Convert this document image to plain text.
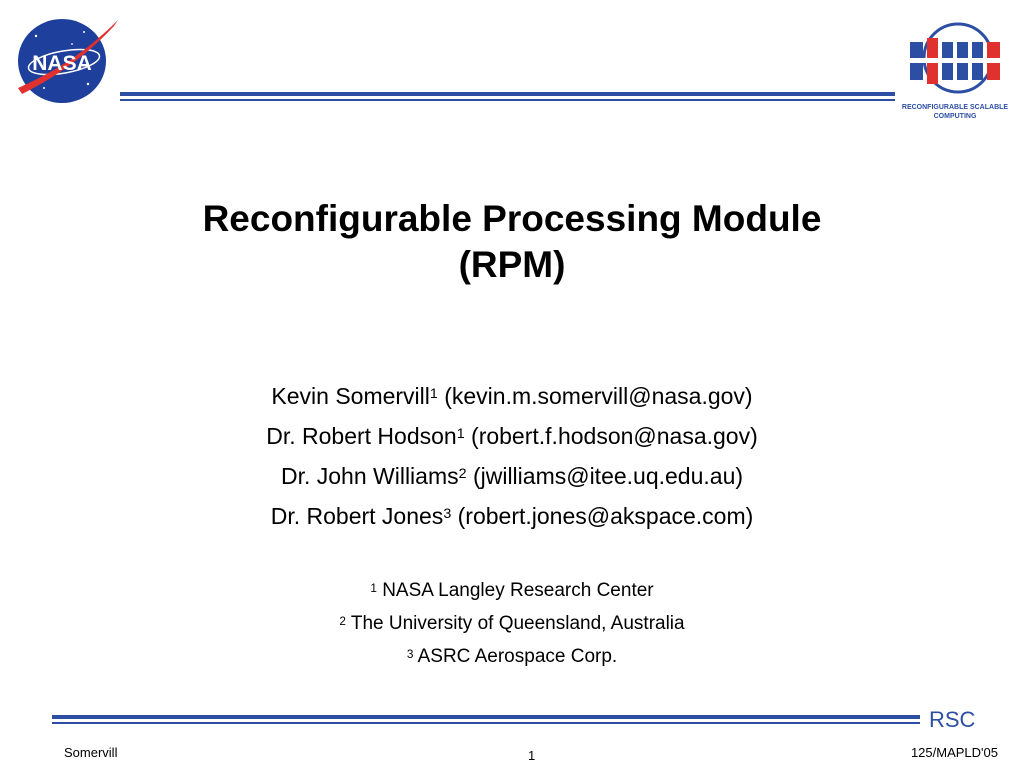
NASA
RECONFIGURABLE SCALABLE
COMPUTING
Reconfigurable Processing Module
(RPM)
Kevin Somervill$^1$ (kevin.m.somervill@nasa.gov)
Dr. Robert Hodson$^1$ (robert.f.hodson@nasa.gov)
Dr. John Williams$^2$ (jwilliams@itee.uq.edu.au)
Dr. Robert Jones$^3$ (robert.jones@akspace.com)
$^1$ NASA Langley Research Center
$^2$ The University of Queensland, Australia
$^3$ ASRC Aerospace Corp.
RSC
Somervill	1	125/MAPLD'05
